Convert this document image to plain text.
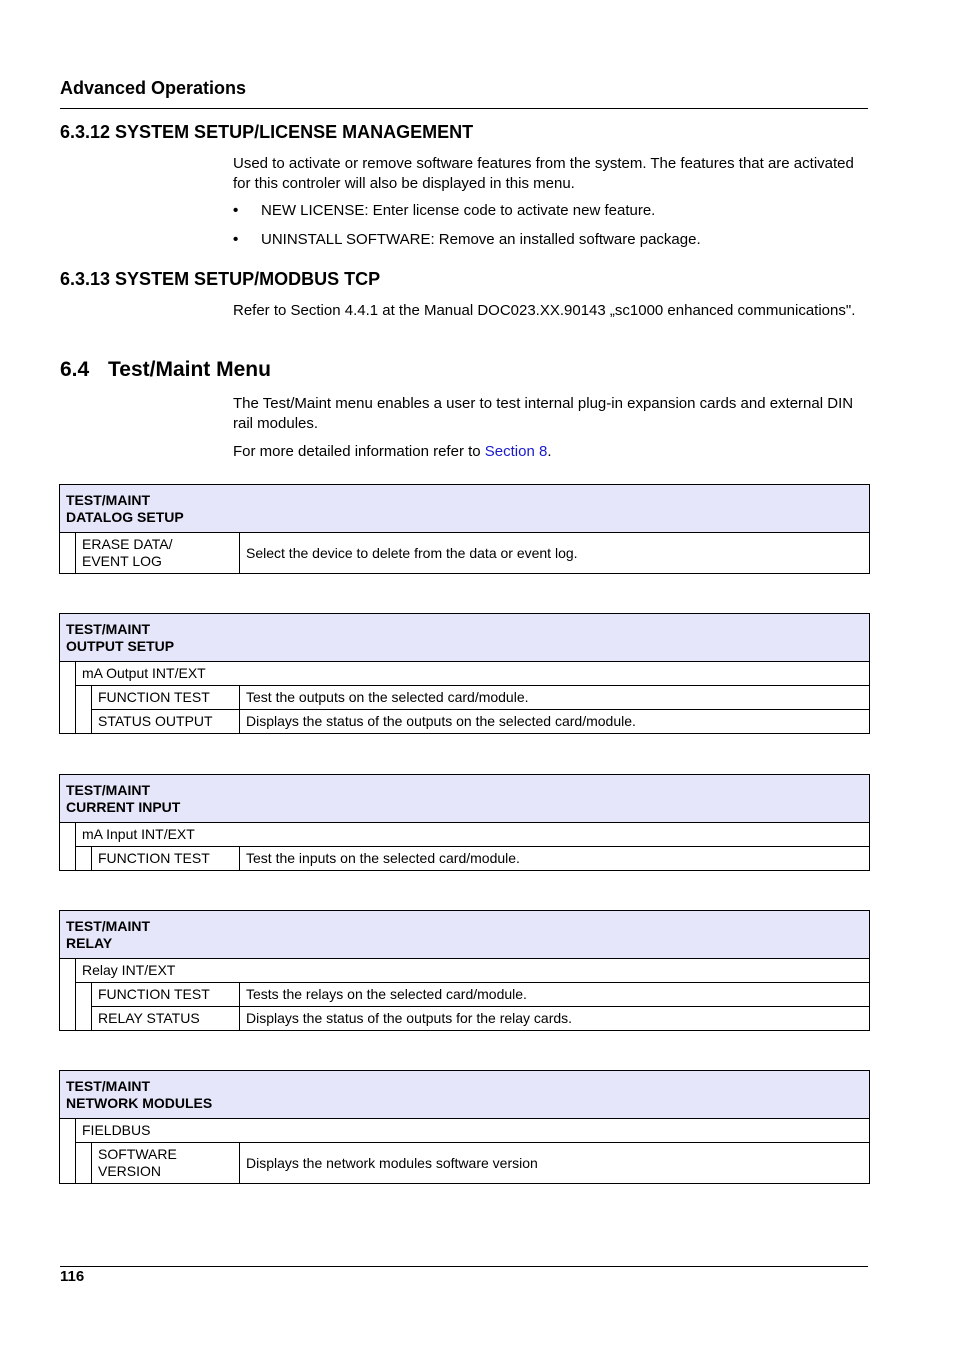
Advanced Operations
6.3.12 SYSTEM SETUP/LICENSE MANAGEMENT
Used to activate or remove software features from the system. The features that are activated for this controler will also be displayed in this menu.
• NEW LICENSE: Enter license code to activate new feature.
• UNINSTALL SOFTWARE: Remove an installed software package.
6.3.13 SYSTEM SETUP/MODBUS TCP
Refer to Section 4.4.1 at the Manual DOC023.XX.90143 „sc1000 enhanced communications".
6.4 Test/Maint Menu
The Test/Maint menu enables a user to test internal plug-in expansion cards and external DIN rail modules.
For more detailed information refer to Section 8.
TEST/MAINT
DATALOG SETUP

ERASE DATA/
EVENT LOG
	Select the device to delete from the data or event log.
TEST/MAINT
OUTPUT SETUP			

	mA Output INT/EXT		
		FUNCTION TEST	Test the outputs on the selected card/module.
		STATUS OUTPUT	Displays the status of the outputs on the selected card/module.
TEST/MAINT
CURRENT INPUT			

	mA Input INT/EXT		
		FUNCTION TEST	Test the inputs on the selected card/module.
TEST/MAINT
RELAY			

	Relay INT/EXT		
		FUNCTION TEST	Tests the relays on the selected card/module.
		RELAY STATUS	Displays the status of the outputs for the relay cards.
TEST/MAINT
NETWORK MODULES			

	FIELDBUS		

		SOFTWARE
VERSION	Displays the network modules software version
116
